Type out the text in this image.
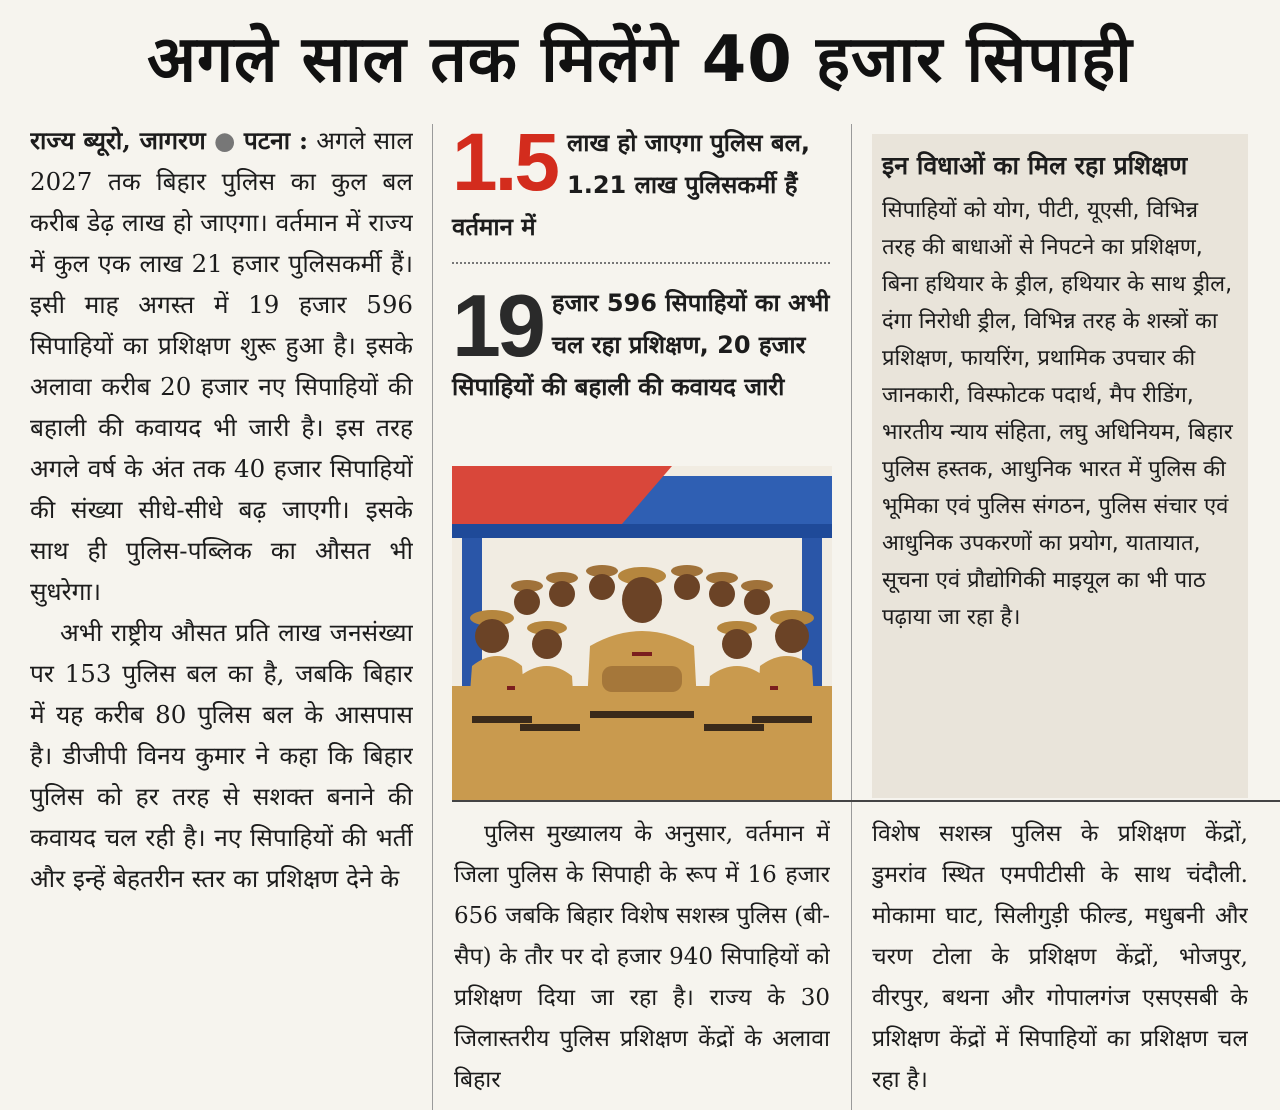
अगले साल तक मिलेंगे 40 हजार सिपाही

राज्य ब्यूरो, जागरण ● पटना : अगले साल 2027 तक बिहार पुलिस का कुल बल करीब डेढ़ लाख हो जाएगा। वर्तमान में राज्य में कुल एक लाख 21 हजार पुलिसकर्मी हैं। इसी माह अगस्त में 19 हजार 596 सिपाहियों का प्रशिक्षण शुरू हुआ है। इसके अलावा करीब 20 हजार नए सिपाहियों की बहाली की कवायद भी जारी है। इस तरह अगले वर्ष के अंत तक 40 हजार सिपाहियों की संख्या सीधे-सीधे बढ़ जाएगी। इसके साथ ही पुलिस-पब्लिक का औसत भी सुधरेगा।

अभी राष्ट्रीय औसत प्रति लाख जनसंख्या पर 153 पुलिस बल का है, जबकि बिहार में यह करीब 80 पुलिस बल के आसपास है। डीजीपी विनय कुमार ने कहा कि बिहार पुलिस को हर तरह से सशक्त बनाने की कवायद चल रही है। नए सिपाहियों की भर्ती और इन्हें बेहतरीन स्तर का प्रशिक्षण देने के

1.5 लाख हो जाएगा पुलिस बल, 1.21 लाख पुलिसकर्मी हैं वर्तमान में
19 हजार 596 सिपाहियों का अभी चल रहा प्रशिक्षण, 20 हजार सिपाहियों की बहाली की कवायद जारी
इन विधाओं का मिल रहा प्रशिक्षण
सिपाहियों को योग, पीटी, यूएसी, विभिन्न तरह की बाधाओं से निपटने का प्रशिक्षण, बिना हथियार के ड्रील, हथियार के साथ ड्रील, दंगा निरोधी ड्रील, विभिन्न तरह के शस्त्रों का प्रशिक्षण, फायरिंग, प्रथामिक उपचार की जानकारी, विस्फोटक पदार्थ, मैप रीडिंग, भारतीय न्याय संहिता, लघु अधिनियम, बिहार पुलिस हस्तक, आधुनिक भारत में पुलिस की भूमिका एवं पुलिस संगठन, पुलिस संचार एवं आधुनिक उपकरणों का प्रयोग, यातायात, सूचना एवं प्रौद्योगिकी माइयूल का भी पाठ पढ़ाया जा रहा है।

पुलिस मुख्यालय के अनुसार, वर्तमान में जिला पुलिस के सिपाही के रूप में 16 हजार 656 जबकि बिहार विशेष सशस्त्र पुलिस (बी-सैप) के तौर पर दो हजार 940 सिपाहियों को प्रशिक्षण दिया जा रहा है। राज्य के 30 जिलास्तरीय पुलिस प्रशिक्षण केंद्रों के अलावा बिहार

विशेष सशस्त्र पुलिस के प्रशिक्षण केंद्रों, डुमरांव स्थित एमपीटीसी के साथ चंदौली. मोकामा घाट, सिलीगुड़ी फील्ड, मधुबनी और चरण टोला के प्रशिक्षण केंद्रों, भोजपुर, वीरपुर, बथना और गोपालगंज एसएसबी के प्रशिक्षण केंद्रों में सिपाहियों का प्रशिक्षण चल रहा है।
